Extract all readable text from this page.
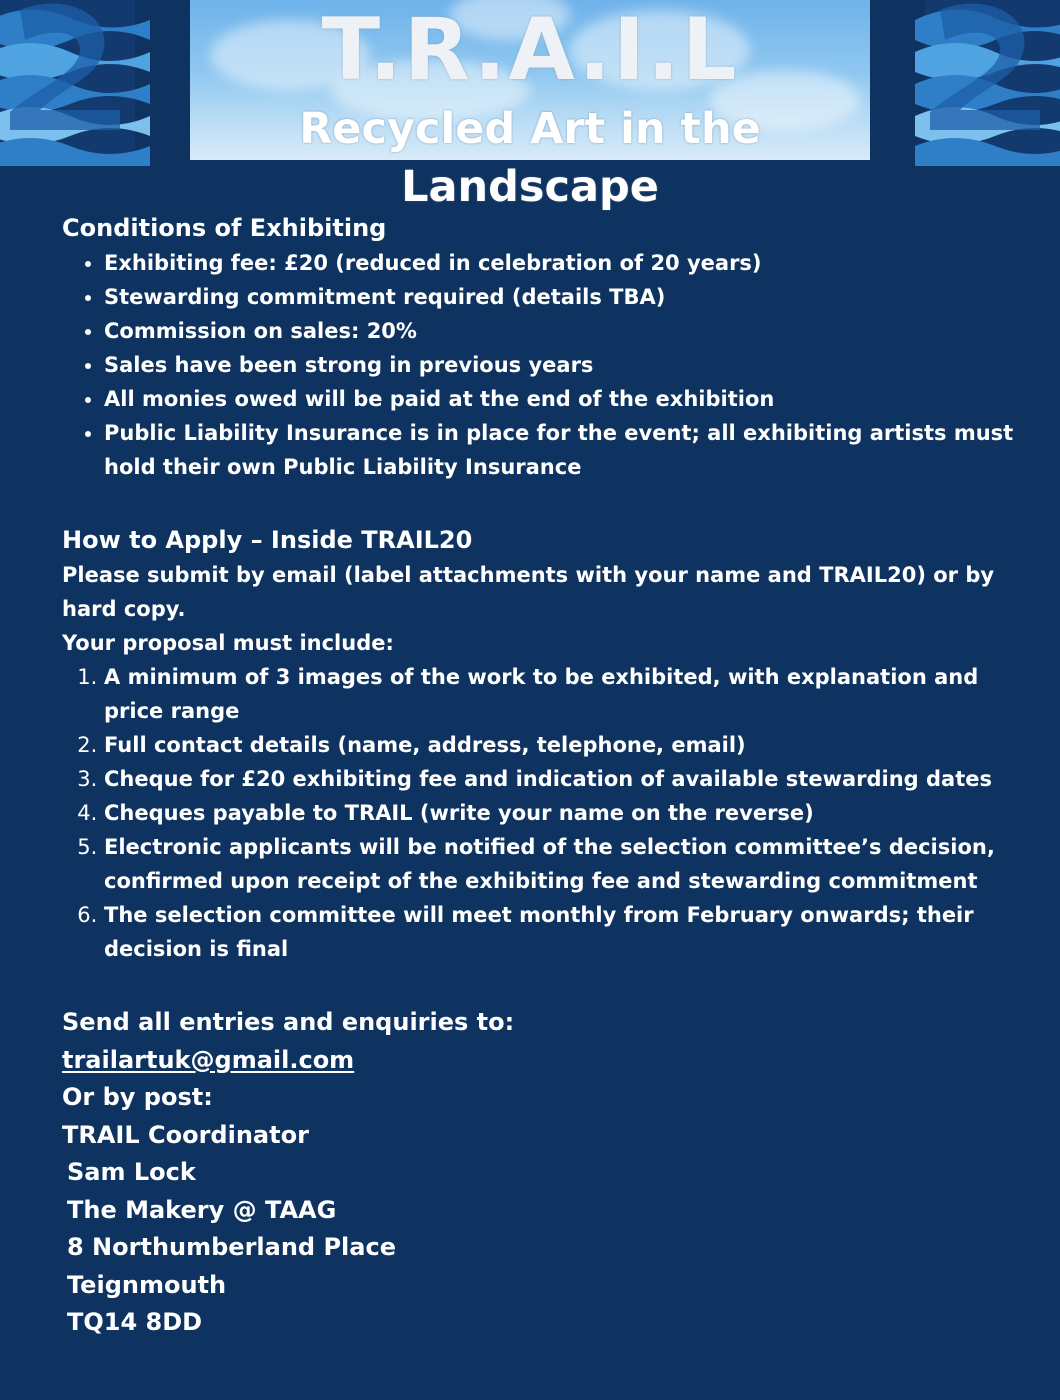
T.R.A.I.L
Recycled Art in the Landscape
Conditions of Exhibiting
• Exhibiting fee: £20 (reduced in celebration of 20 years)
• Stewarding commitment required (details TBA)
• Commission on sales: 20%
• Sales have been strong in previous years
• All monies owed will be paid at the end of the exhibition
• Public Liability Insurance is in place for the event; all exhibiting artists must hold their own Public Liability Insurance
How to Apply – Inside TRAIL20

Please submit by email (label attachments with your name and TRAIL20) or by hard copy.

Your proposal must include:

1. A minimum of 3 images of the work to be exhibited, with explanation and price range
2. Full contact details (name, address, telephone, email)
3. Cheque for £20 exhibiting fee and indication of available stewarding dates
4. Cheques payable to TRAIL (write your name on the reverse)
5. Electronic applicants will be notified of the selection committee’s decision, confirmed upon receipt of the exhibiting fee and stewarding commitment
6. The selection committee will meet monthly from February onwards; their decision is final
Send all entries and enquiries to:
trailartuk@gmail.com
Or by post:
TRAIL Coordinator
Sam Lock
The Makery @ TAAG
8 Northumberland Place
Teignmouth
TQ14 8DD
